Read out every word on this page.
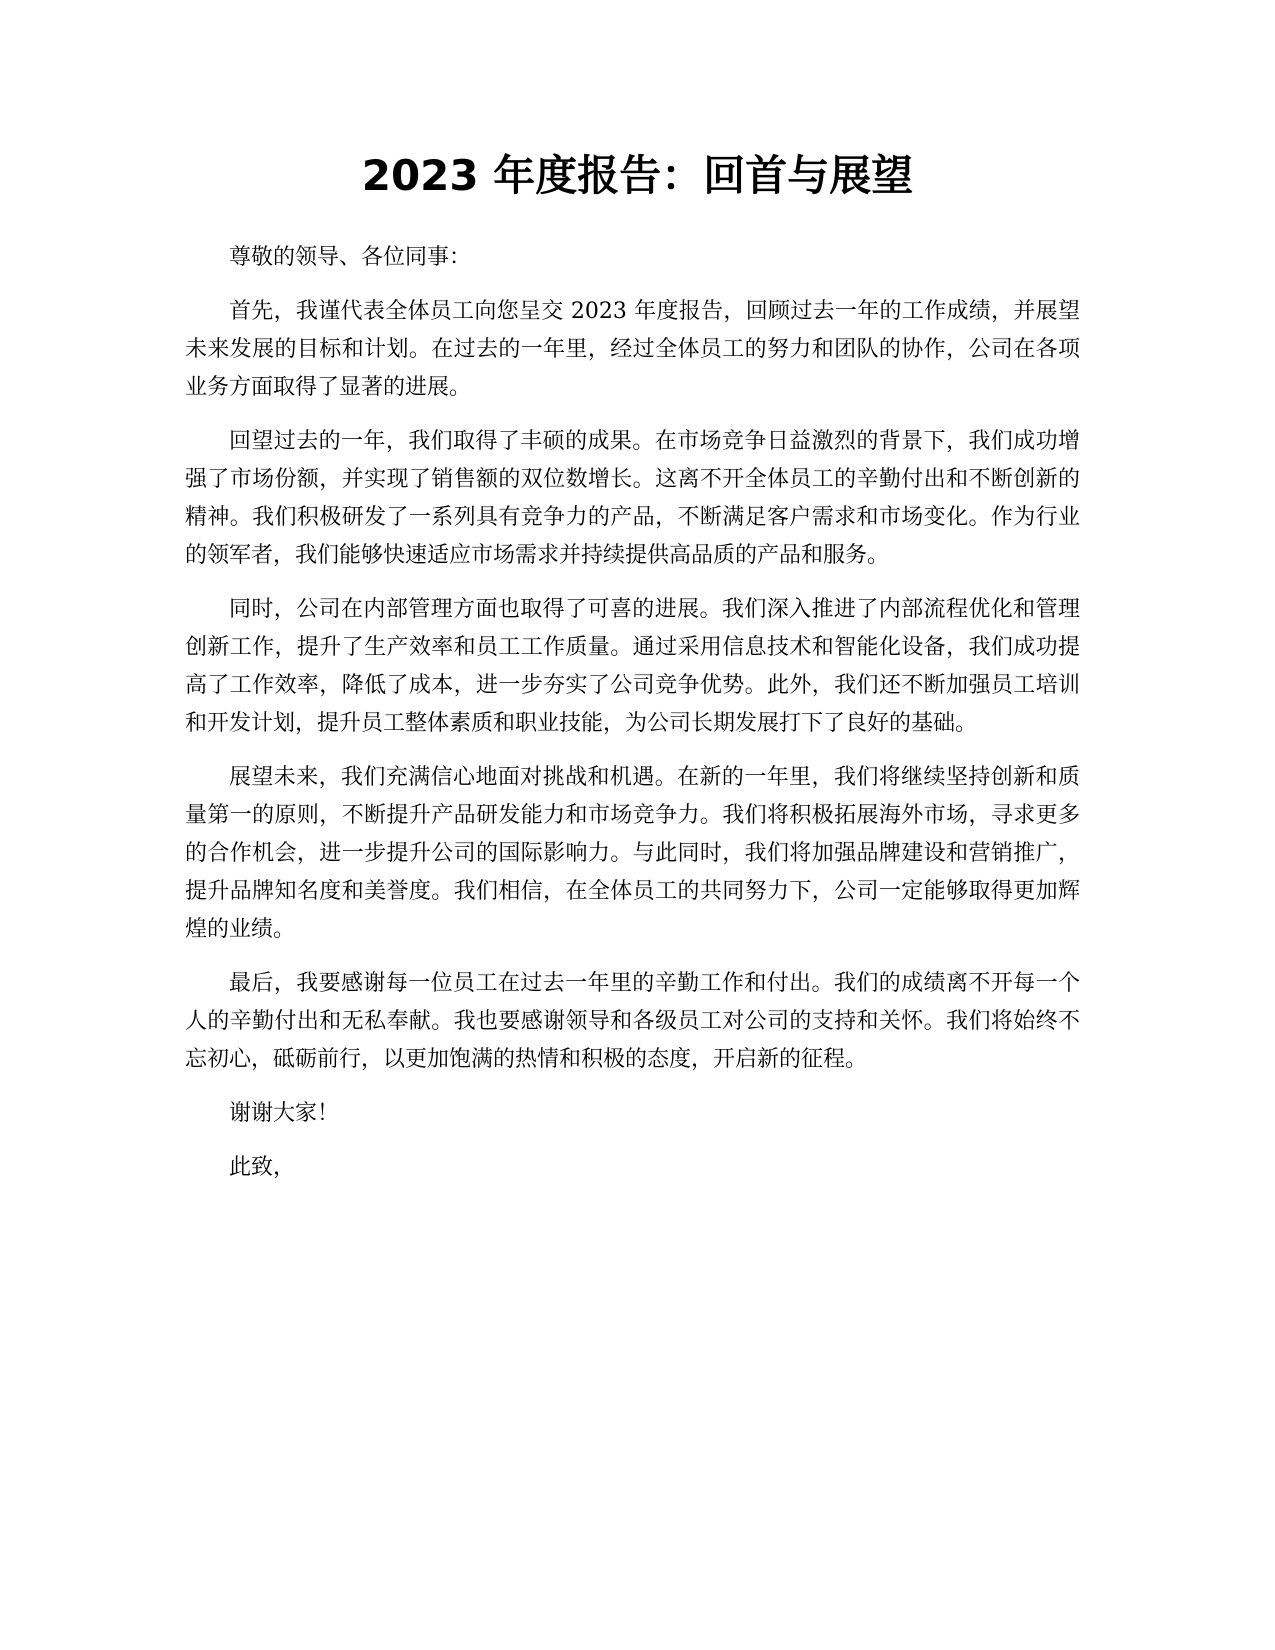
2023 年度报告：回首与展望

尊敬的领导、各位同事：

首先，我谨代表全体员工向您呈交 2023 年度报告，回顾过去一年的工作成绩，并展望未来发展的目标和计划。在过去的一年里，经过全体员工的努力和团队的协作，公司在各项业务方面取得了显著的进展。

回望过去的一年，我们取得了丰硕的成果。在市场竞争日益激烈的背景下，我们成功增强了市场份额，并实现了销售额的双位数增长。这离不开全体员工的辛勤付出和不断创新的精神。我们积极研发了一系列具有竞争力的产品，不断满足客户需求和市场变化。作为行业的领军者，我们能够快速适应市场需求并持续提供高品质的产品和服务。

同时，公司在内部管理方面也取得了可喜的进展。我们深入推进了内部流程优化和管理创新工作，提升了生产效率和员工工作质量。通过采用信息技术和智能化设备，我们成功提高了工作效率，降低了成本，进一步夯实了公司竞争优势。此外，我们还不断加强员工培训和开发计划，提升员工整体素质和职业技能，为公司长期发展打下了良好的基础。

展望未来，我们充满信心地面对挑战和机遇。在新的一年里，我们将继续坚持创新和质量第一的原则，不断提升产品研发能力和市场竞争力。我们将积极拓展海外市场，寻求更多的合作机会，进一步提升公司的国际影响力。与此同时，我们将加强品牌建设和营销推广，提升品牌知名度和美誉度。我们相信，在全体员工的共同努力下，公司一定能够取得更加辉煌的业绩。

最后，我要感谢每一位员工在过去一年里的辛勤工作和付出。我们的成绩离不开每一个人的辛勤付出和无私奉献。我也要感谢领导和各级员工对公司的支持和关怀。我们将始终不忘初心，砥砺前行，以更加饱满的热情和积极的态度，开启新的征程。

谢谢大家！

此致，
